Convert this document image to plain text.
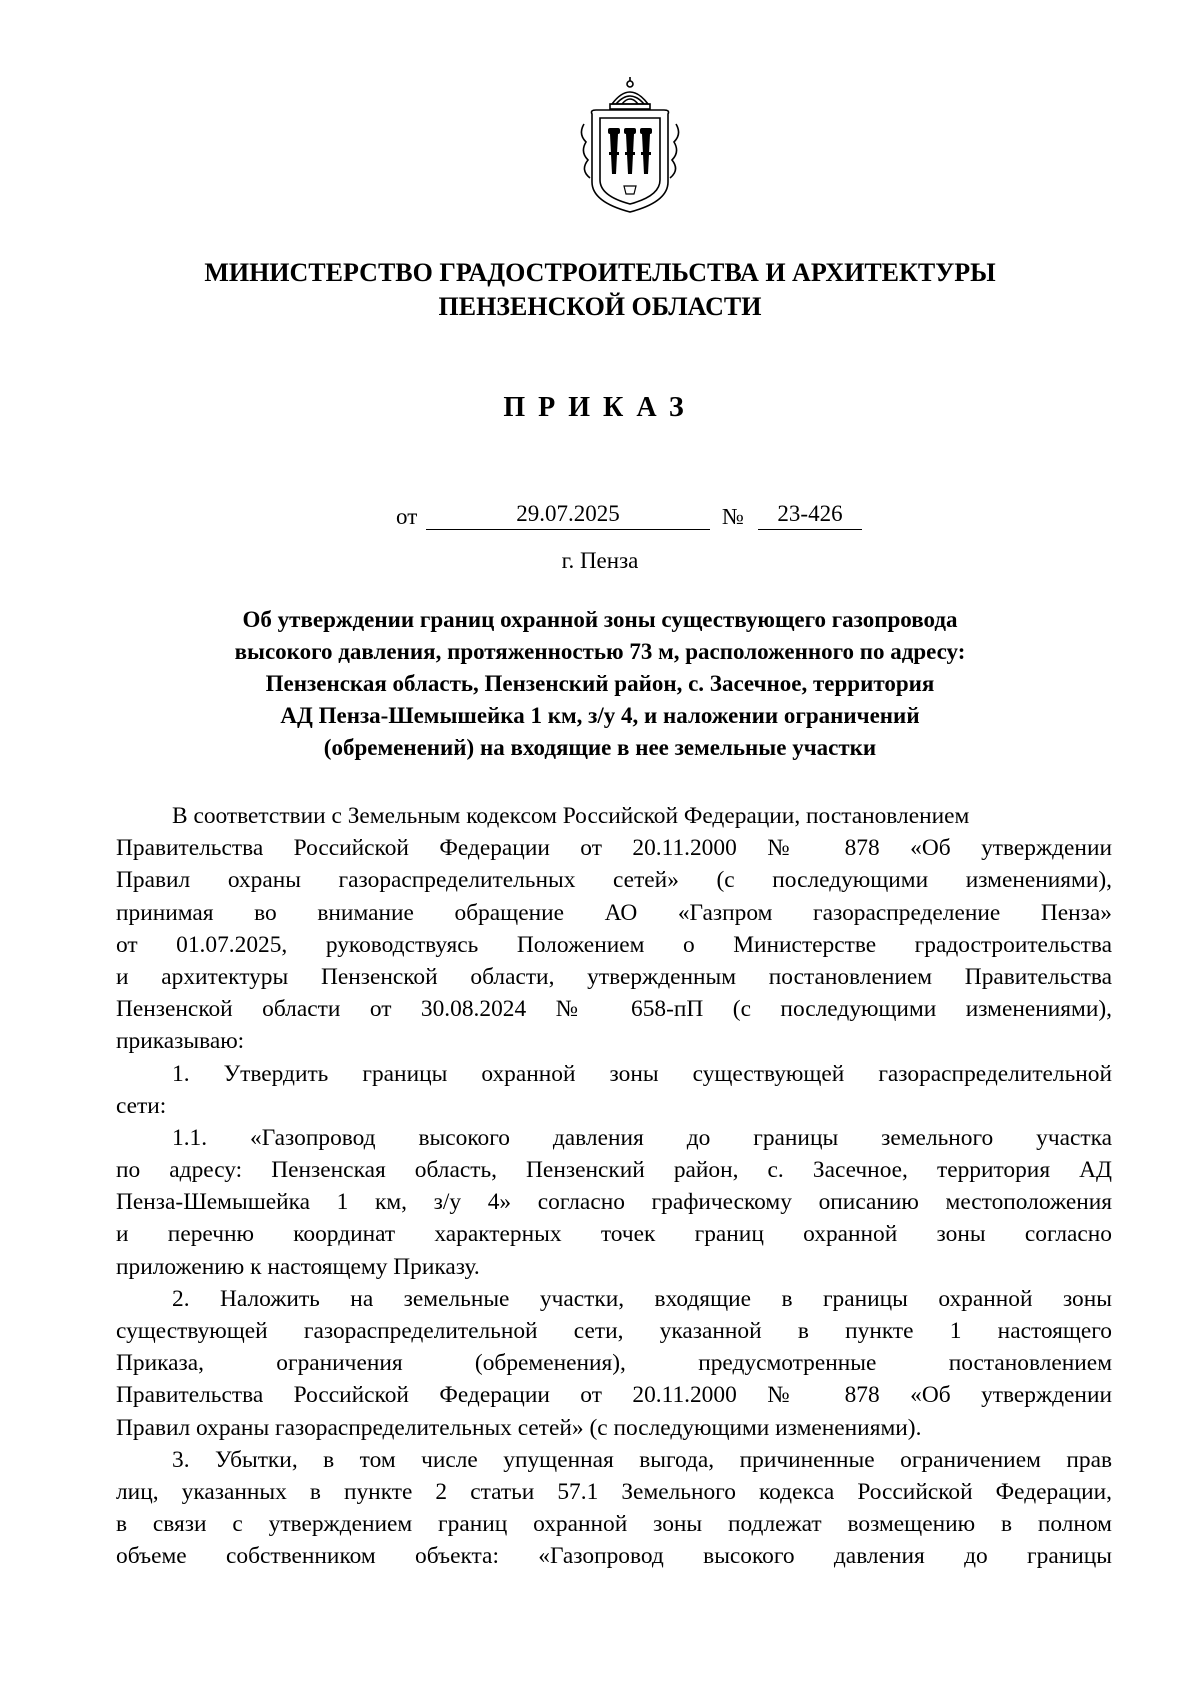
МИНИСТЕРСТВО ГРАДОСТРОИТЕЛЬСТВА И АРХИТЕКТУРЫ
ПЕНЗЕНСКОЙ ОБЛАСТИ
ПРИКАЗ
от	29.07.2025	№	23-426
г. Пенза
Об утверждении границ охранной зоны существующего газопровода
высокого давления, протяженностью 73 м, расположенного по адресу:
Пензенская область, Пензенский район, с. Засечное, территория
АД Пенза-Шемышейка 1 км, з/у 4, и наложении ограничений
(обременений) на входящие в нее земельные участки
В соответствии с Земельным кодексом Российской Федерации, постановлением
Правительства Российской Федерации от 20.11.2000 № 878 «Об утверждении
Правил охраны газораспределительных сетей» (с последующими изменениями),
принимая во внимание обращение АО «Газпром газораспределение Пенза»
от 01.07.2025, руководствуясь Положением о Министерстве градостроительства
и архитектуры Пензенской области, утвержденным постановлением Правительства
Пензенской области от 30.08.2024 № 658-пП (с последующими изменениями),
приказываю:
1. Утвердить границы охранной зоны существующей газораспределительной
сети:
1.1. «Газопровод высокого давления до границы земельного участка
по адресу: Пензенская область, Пензенский район, с. Засечное, территория АД
Пенза-Шемышейка 1 км, з/у 4» согласно графическому описанию местоположения
и перечню координат характерных точек границ охранной зоны согласно
приложению к настоящему Приказу.
2. Наложить на земельные участки, входящие в границы охранной зоны
существующей газораспределительной сети, указанной в пункте 1 настоящего
Приказа, ограничения (обременения), предусмотренные постановлением
Правительства Российской Федерации от 20.11.2000 № 878 «Об утверждении
Правил охраны газораспределительных сетей» (с последующими изменениями).
3. Убытки, в том числе упущенная выгода, причиненные ограничением прав
лиц, указанных в пункте 2 статьи 57.1 Земельного кодекса Российской Федерации,
в связи с утверждением границ охранной зоны подлежат возмещению в полном
объеме собственником объекта: «Газопровод высокого давления до границы
